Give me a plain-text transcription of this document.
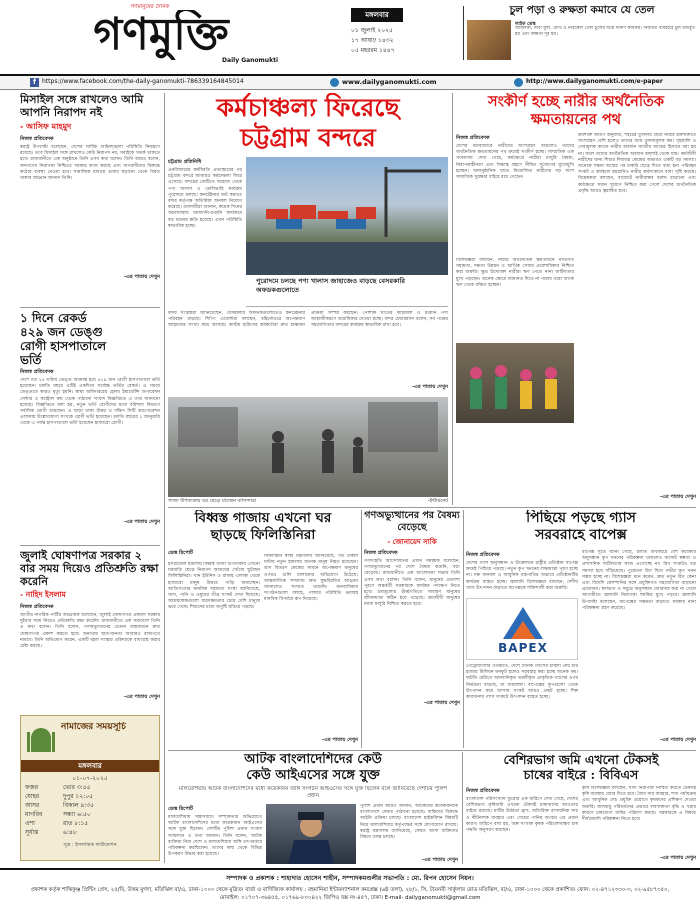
গণমানুষের দৈনিক
গণমুক্তি
Daily Ganomukti
মঙ্গলবার
০১ জুলাই ২০২৫
১৭ আষাঢ় ১৪৩২
০৫ মহররম ১৪৪৭
চুল পড়া ও রুক্ষতা কমাবে যে তেল
লাইফ ডেস্ক
আমলকী, জবা ফুল, মেথি ও নারকেল তেল চুলের যত্নে দারুণ কার্যকর। নিয়মিত ব্যবহারে চুল মজবুত হয় এবং রুক্ষতা দূর হয়।
f https://www.facebook.com/the-daily-ganomukti-786339164845014	www.dailyganomukti.com	http://www.dailyganomukti.com/e-paper
মিসাইল সঙ্গে রাখলেও আমি আপনি নিরাপদ নই
- আসিফ মাহমুদ
নিজস্ব প্রতিবেদক
স্বরাষ্ট্র উপদেষ্টা বলেছেন, দেশের সার্বিক আইনশৃঙ্খলা পরিস্থিতি নিয়ন্ত্রণে রয়েছে। তবে মিসাইল সঙ্গে রাখলেও কেউ নিরাপদ নয়, সবাইকে সতর্ক থাকতে হবে। রাজধানীতে এক অনুষ্ঠানে তিনি এসব কথা বলেন। তিনি আরও বলেন, জনগণের নিরাপত্তা নিশ্চিতে সরকার কাজ করছে এবং অপরাধীদের বিরুদ্ধে কঠোর ব্যবস্থা নেওয়া হবে। সামাজিক মাধ্যমে গুজব ছড়ানো থেকে বিরত থাকার আহ্বান জানান তিনি।
-এর পাতায় দেখুন
১ দিনে রেকর্ড ৪২৯ জন ডেঙ্গু রোগী হাসপাতালে ভর্তি
নিজস্ব প্রতিবেদক
দেশে গত ২৪ ঘণ্টায় ডেঙ্গু আক্রান্ত হয়ে ৪২৯ জন রোগী হাসপাতালে ভর্তি হয়েছেন। চলতি বছরে এটিই একদিনে সর্বোচ্চ ভর্তির রেকর্ড। এ সময়ে ডেঙ্গুতে কারও মৃত্যু হয়নি। স্বাস্থ্য অধিদপ্তরের হেলথ ইমার্জেন্সি অপারেশন সেন্টার ও কন্ট্রোল রুম থেকে পাঠানো সংবাদ বিজ্ঞপ্তিতে এ তথ্য জানানো হয়েছে। বিজ্ঞপ্তিতে বলা হয়, নতুন ভর্তি রোগীদের মধ্যে বরিশাল বিভাগে সর্বাধিক রোগী রয়েছেন। এ ছাড়া ঢাকা উত্তর ও দক্ষিণ সিটি করপোরেশন এলাকায় উল্লেখযোগ্য সংখ্যক রোগী ভর্তি হয়েছেন। চলতি বছরের ১ জানুয়ারি থেকে এ পর্যন্ত হাসপাতালে ভর্তি হয়েছেন হাজারো রোগী।
-এর পাতায় দেখুন
জুলাই ঘোষণাপত্র সরকার ২ বার সময় দিয়েও প্রতিশ্রুতি রক্ষা করেনি
- নাহিদ ইসলাম
নিজস্ব প্রতিবেদক
জাতীয় নাগরিক পার্টির আহ্বায়ক বলেছেন, জুলাই ঘোষণাপত্র প্রকাশে সরকার দুইবার সময় নিয়েও প্রতিশ্রুতি রক্ষা করেনি। রাজধানীতে এক সমাবেশে তিনি এ কথা বলেন। তিনি বলেন, গণঅভ্যুত্থানের চেতনা বাস্তবায়নে দ্রুত ঘোষণাপত্র প্রকাশ করতে হবে। অন্যথায় ছাত্র-জনতা আবারও রাজপথে নামবে। তিনি অভিযোগ করেন, একটি মহল সংস্কার প্রক্রিয়াকে বাধাগ্রস্ত করার চেষ্টা করছে।
-এর পাতায় দেখুন
নামাজের সময়সূচি
মঙ্গলবার
০১-০৭-২০২৫
ফজর	ভোর ৩:৫৫
যোহর	দুপুর ১২:০৫
আসর	বিকাল ৪:৩৫
মাগরিব	সন্ধ্যা ৬:৫০
এশা	রাত ৮:১৫
সূর্যাস্ত	৬:৪৮
সূত্র : ইসলামিক ফাউন্ডেশন
কর্মচাঞ্চল্য ফিরেছে
চট্টগ্রাম বন্দরে
চট্টগ্রাম প্রতিনিধি
এনবিআরের কর্মবিরতি প্রত্যাহারের পর চট্টগ্রাম বন্দরে আবারও কর্মচাঞ্চল্য ফিরে এসেছে। বন্দরের জেটিতে জাহাজ থেকে পণ্য খালাস ও ডেলিভারি কার্যক্রম পুরোদমে চলছে। কনটেইনার জট কমাতে বন্দর কর্তৃপক্ষ অতিরিক্ত জনবল নিয়োগ করেছে। ব্যবসায়ীরা জানান, কয়েক দিনের অচলাবস্থায় আমদানি-রপ্তানি কার্যক্রমে বড় ধরনের ক্ষতি হয়েছে। এখন পরিস্থিতি স্বাভাবিক হচ্ছে।
পুরোদমে চলছে পণ্য খালাস জাহাজেও বাড়ছে বেসরকারি অফডকগুলোতে
বন্দর সংশ্লিষ্টরা জানিয়েছেন, বেসরকারি অফডকগুলোতেও কনটেইনার পরিবহন বাড়ছে। শিপিং এজেন্টরা বলছেন, বহির্নোঙরে অপেক্ষমাণ জাহাজের সংখ্যা কমে আসছে। কাস্টম হাউসের কর্মকর্তারা দ্রুত শুল্কায়ন প্রক্রিয়া সম্পন্ন করছেন। পোশাক খাতের কাঁচামাল ও রপ্তানি পণ্য জাহাজীকরণে অগ্রাধিকার দেওয়া হচ্ছে। বন্দর চেয়ারম্যান বলেন, সব পক্ষের সহযোগিতায় বন্দরের কার্যক্রম স্বাভাবিক রাখা হবে।
-এর পাতায় দেখুন
গাজা উপত্যকায় ঘর ছেড়ে যাচ্ছেন বাসিন্দারা	-ইন্টারনেট
সংকীর্ণ হচ্ছে নারীর অর্থনৈতিক ক্ষমতায়নের পথ
নিজস্ব প্রতিবেদক
দেশের শ্রমবাজারে নারীদের অংশগ্রহণ বাড়লেও তাদের অর্থনৈতিক ক্ষমতায়নের পথ ক্রমেই সংকীর্ণ হচ্ছে। সাম্প্রতিক এক গবেষণায় দেখা গেছে, কর্মক্ষেত্রে নারীরা মজুরি বৈষম্য, নিরাপত্তাহীনতা এবং সিদ্ধান্ত গ্রহণে সীমিত সুযোগের মুখোমুখি হচ্ছেন। অনানুষ্ঠানিক খাতে নিয়োজিত নারীদের বড় অংশ সামাজিক সুরক্ষার বাইরে রয়ে গেছেন।
বিশেষজ্ঞরা বলছেন, নারীর অর্থনৈতিক ক্ষমতায়নে নীতিগত সহায়তা, দক্ষতা উন্নয়ন ও আর্থিক সেবায় প্রবেশাধিকার নিশ্চিত করা জরুরি। ক্ষুদ্র উদ্যোক্তা নারীরা ঋণ পেতে নানা জটিলতার মুখে পড়ছেন। অনেক ক্ষেত্রে জামানত দিতে না পারায় তারা ব্যাংক ঋণ থেকে বঞ্চিত হচ্ছেন।
শ্রমশক্তি জরিপ অনুযায়ী, শহরের তুলনায় গ্রামে নারীর শ্রমশক্তিতে অংশগ্রহণ বেশি হলেও তাদের আয় তুলনামূলক কম। গৃহস্থালি ও সেবামূলক কাজে নারীর অবদান জাতীয় আয়ের হিসাবে ধরা হয় না। ফলে তাদের অর্থনৈতিক অবদান অদৃশ্যই থেকে যায়। কর্মজীবী নারীদের জন্য শিশুর দিবাযত্ন কেন্দ্রের অভাবও একটি বড় সমস্যা। অনেকে সন্তান জন্মের পর চাকরি ছেড়ে দিতে বাধ্য হন। পরিবহন সংকট ও কর্মস্থলে হয়রানিও নারীর কর্মসংস্থানে বাধা সৃষ্টি করছে। বিশ্লেষকরা বলছেন, বাজেটে নারীবান্ধব বরাদ্দ বাড়ানো এবং কর্মক্ষেত্রে সমান সুযোগ নিশ্চিত করা গেলে দেশের অর্থনৈতিক প্রবৃদ্ধি আরও ত্বরান্বিত হবে।
-এর পাতায় দেখুন
বিধ্বস্ত গাজায় এখনো ঘর
ছাড়ছে ফিলিস্তিনিরা
ডেস্ক রিপোর্ট
ইসরায়েলি হামলায় বিধ্বস্ত গাজা উপত্যকায় এখনো ঘরবাড়ি ছেড়ে নিরাপদ আশ্রয়ের খোঁজে ছুটছেন ফিলিস্তিনিরা। খান ইউনিস ও রাফাহ এলাকা থেকে হাজারো মানুষ উত্তরে পাড়ি জমাচ্ছেন। জাতিসংঘের মানবিক সহায়তা সংস্থা জানিয়েছে, খাদ্য, পানি ও ওষুধের তীব্র সংকট দেখা দিয়েছে। আশ্রয়কেন্দ্রগুলো ধারণক্ষমতার চেয়ে বেশি মানুষে ভরে গেছে। শিশুদের মধ্যে অপুষ্টি ছড়িয়ে পড়ছে।
ফিলিস্তিনি স্বাস্থ্য মন্ত্রণালয় জানিয়েছে, গত চব্বিশ ঘণ্টায় নতুন হামলায় অনেক মানুষ নিহত হয়েছেন। ত্রাণ বিতরণ কেন্দ্রের সামনে অপেক্ষমাণ মানুষের ওপরও গুলি চালানোর অভিযোগ উঠেছে। আন্তর্জাতিক সম্প্রদায় দ্রুত যুদ্ধবিরতির আহ্বান জানালেও সংঘাত থামেনি। মানবাধিকার সংগঠনগুলো বলছে, গাজার পরিস্থিতি ভয়াবহ মানবিক বিপর্যয়ে রূপ নিয়েছে।
-এর পাতায় দেখুন
গণঅভ্যুত্থানের পর বৈষম্য বেড়েছে
- জোনায়েদ সাকি
নিজস্ব প্রতিবেদক
গণসংহতি আন্দোলনের প্রধান সমন্বয়ক বলেছেন, গণঅভ্যুত্থানের পর দেশে বৈষম্য কমেনি, বরং বেড়েছে। রাজধানীতে এক আলোচনা সভায় তিনি এসব কথা বলেন। তিনি বলেন, মানুষের প্রত্যাশা পূরণে অন্তর্বর্তী সরকারকে কার্যকর পদক্ষেপ নিতে হবে। দ্রব্যমূল্যের ঊর্ধ্বগতিতে সাধারণ মানুষের জীবনযাত্রা কঠিন হয়ে পড়েছে। শ্রমজীবী মানুষের ন্যায্য মজুরি নিশ্চিত করতে হবে।
-এর পাতায় দেখুন
পিছিয়ে পড়ছে গ্যাস
সরবরাহে বাপেক্স
নিজস্ব প্রতিবেদক
দেশের গ্যাস অনুসন্ধান ও উত্তোলনে রাষ্ট্রীয় প্রতিষ্ঠান বাপেক্স ক্রমেই পিছিয়ে পড়ছে। নতুন কূপ খননের লক্ষ্যমাত্রা পূরণ হচ্ছে না। দক্ষ জনবল ও আধুনিক যন্ত্রপাতির অভাবে প্রতিষ্ঠানটির কার্যক্রম ব্যাহত হচ্ছে। জ্বালানি বিশেষজ্ঞরা বলছেন, দেশীয় গ্যাস উৎপাদন বাড়াতে বাপেক্সকে শক্তিশালী করা জরুরি।
BAPEX
পেট্রোবাংলার তথ্যমতে, দেশে দৈনিক গ্যাসের চাহিদা প্রায় চার হাজার মিলিয়ন ঘনফুট হলেও সরবরাহ করা হচ্ছে অনেক কম। ঘাটতি মেটাতে আমদানিকৃত তরলীকৃত প্রাকৃতিক গ্যাসের ওপর নির্ভরতা বাড়ছে, যা ব্যয়বহুল। বাপেক্সের কূপগুলো থেকে উৎপাদন কমে আসায় সংকট আরও প্রকট হচ্ছে। শিল্প কারখানায় গ্যাস সংকটে উৎপাদন ব্যাহত হচ্ছে।
বাপেক্স সূত্রে জানা গেছে, চলতি অর্থবছরে বেশ কয়েকটি অনুসন্ধান কূপ খননের পরিকল্পনা থাকলেও বাজেট স্বল্পতা ও প্রশাসনিক জটিলতায় কাজ এগোচ্ছে না। রিগ সংকটও বড় সমস্যা হয়ে দাঁড়িয়েছে। পুরোনো রিগ দিয়ে গভীর কূপ খনন সম্ভব হচ্ছে না। বিশেষজ্ঞরা মনে করেন, দ্রুত নতুন রিগ কেনা এবং বিদেশি কোম্পানির সঙ্গে প্রযুক্তিগত সহযোগিতা বাড়ানো প্রয়োজন। স্থলভাগ ও সমুদ্রে অনুসন্ধান জোরদার করা না গেলে আগামীতে জ্বালানি নিরাপত্তা হুমকির মুখে পড়বে। জ্বালানি উপদেষ্টা বলেছেন, বাপেক্সের সক্ষমতা বাড়াতে সরকার নানা পরিকল্পনা গ্রহণ করেছে।
-এর পাতায় দেখুন
আটক বাংলাদেশিদের কেউ
কেউ আইএসের সঙ্গে যুক্ত
মালয়েশিয়ায় আটক বাংলাদেশিদের মধ্যে কয়েকজন জঙ্গি সংগঠন আইএসের সঙ্গে যুক্ত ছিলেন বলে জানিয়েছে দেশটির পুলিশ প্রধান
ডেস্ক রিপোর্ট
মালয়েশিয়ায় সন্ত্রাসবাদে সম্পৃক্ততার অভিযোগে আটক বাংলাদেশিদের মধ্যে কয়েকজন আইএসের সঙ্গে যুক্ত ছিলেন। দেশটির পুলিশ প্রধান সংবাদ সম্মেলনে এ তথ্য জানান। তিনি বলেন, আটক ব্যক্তিরা নিজ দেশে ও মালয়েশিয়ায় জঙ্গি তৎপরতার পরিকল্পনা করছিলেন। তাদের কাছ থেকে বিভিন্ন উপকরণ উদ্ধার করা হয়েছে।
পুলিশ প্রধান আরও জানান, আটকদের কয়েকজনকে বাংলাদেশে ফেরত পাঠানো হয়েছে। বাকিদের বিরুদ্ধে আইনি প্রক্রিয়া চলছে। বাংলাদেশ হাইকমিশন বিষয়টি নিয়ে মালয়েশিয়ার কর্তৃপক্ষের সঙ্গে যোগাযোগ রাখছে। স্বরাষ্ট্র মন্ত্রণালয় জানিয়েছে, ফেরত আসা ব্যক্তিদের বিষয়ে তদন্ত চলছে।
-এর পাতায় দেখুন
বেশিরভাগ জমি এখনো টেকসই
চাষের বাইরে : বিবিএস
নিজস্ব প্রতিবেদক
বাংলাদেশ পরিসংখ্যান ব্যুরোর এক জরিপে দেখা গেছে, দেশের বেশিরভাগ কৃষিজমি এখনো টেকসই চাষাবাদের আওতার বাইরে রয়েছে। মাটির উর্বরতা হ্রাস, অতিরিক্ত রাসায়নিক সার ও কীটনাশক ব্যবহার এবং সেচের পানির অপচয় এর প্রধান কারণ। জরিপে বলা হয়, অল্প সংখ্যক কৃষক পরিবেশবান্ধব চাষ পদ্ধতি অনুসরণ করছেন।
কৃষি বিশেষজ্ঞরা বলছেন, খাদ্য নিরাপত্তা নিশ্চিত করতে টেকসই কৃষি ব্যবস্থায় জোর দিতে হবে। জৈব সার ব্যবহার, শস্য পর্যায়ক্রম এবং আধুনিক সেচ প্রযুক্তি প্রয়োগে কৃষকদের প্রশিক্ষণ দেওয়া জরুরি। জলবায়ু পরিবর্তনের প্রভাবে লবণাক্ততা বৃদ্ধি ও খরার কারণে চাষযোগ্য জমির পরিমাণ কমছে। সরকারকে এ বিষয়ে দীর্ঘমেয়াদি পরিকল্পনা নিতে হবে।
-এর পাতায় দেখুন
সম্পাদক ও প্রকাশক : শাহাদাত হোসেন শাহীন, সম্পাদকমণ্ডলীর সভাপতি : মো. রিপন হোসেন নিয়ন।
প্রকাশক কর্তৃক শান্তিকুঞ্জ প্রিন্টিং প্রেস, ২৫/বি, উত্তর মুগদা, মতিঝিল বা/এ, ঢাকা-১০০০ থেকে মুদ্রিত। বার্তা ও বাণিজ্যিক কার্যালয় : রহমানিয়া ইন্টারন্যাশনাল কমপ্লেক্স (৬ষ্ঠ তলা), ২৮/১, সি, টয়েনবী সার্কুলার রোড মতিঝিল, বা/এ, ঢাকা-১০০০ থেকে প্রকাশিত। ফোন: ০২-৪৭১২৩৩০-৩, ০২-৯৫৮৭৩৫০, মোবাইল: ০১৭০৭-৩৬৪৫৫, ০১৭৬৯-৮০০৪২২ জিপিও বক্স নং-৪৫৭, ঢাকা। E-mail- dailyganomukti@gmail.com
